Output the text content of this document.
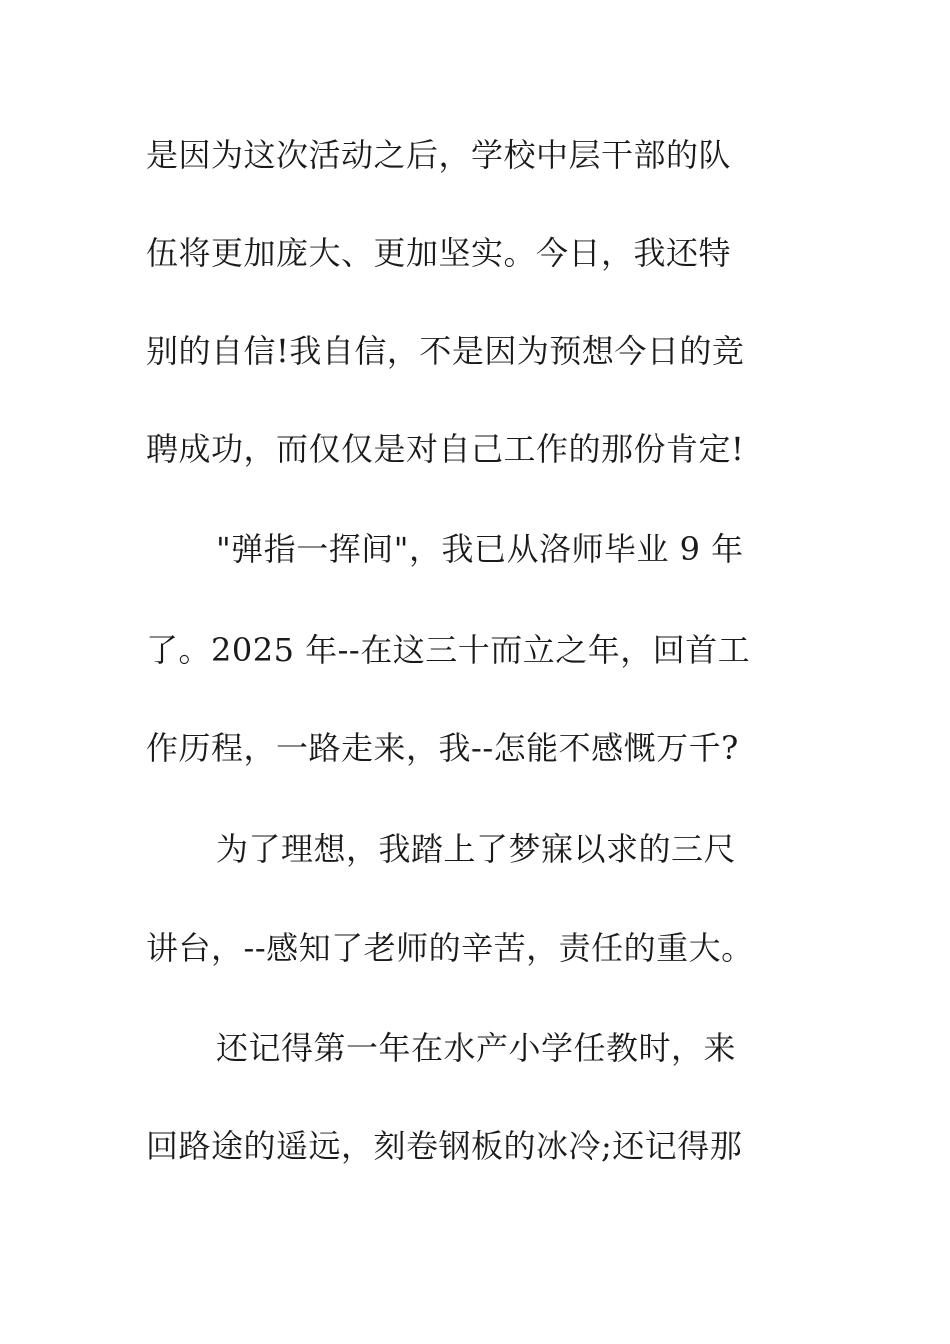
是因为这次活动之后，学校中层干部的队
伍将更加庞大、更加坚实。今日，我还特
别的自信!我自信，不是因为预想今日的竞
聘成功，而仅仅是对自己工作的那份肯定!
"弹指一挥间"，我已从洛师毕业 9 年
了。2025 年--在这三十而立之年，回首工
作历程，一路走来，我--怎能不感慨万千?
为了理想，我踏上了梦寐以求的三尺
讲台，--感知了老师的辛苦，责任的重大。
还记得第一年在水产小学任教时，来
回路途的遥远，刻卷钢板的冰冷;还记得那
